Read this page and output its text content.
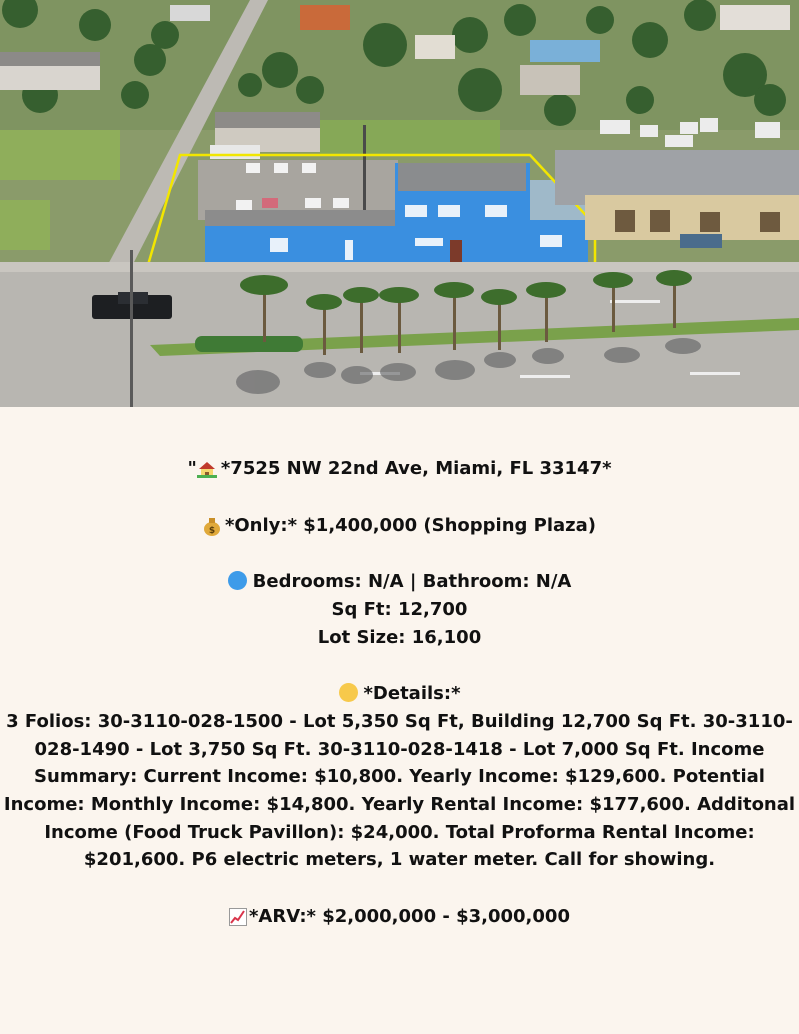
" *7525 NW 22nd Ave, Miami, FL 33147*
$ *Only:* $1,400,000 (Shopping Plaza)
Bedrooms: N/A | Bathroom: N/A
Sq Ft: 12,700
Lot Size: 16,100
*Details:*
3 Folios: 30-3110-028-1500 - Lot 5,350 Sq Ft, Building 12,700 Sq Ft. 30-3110-
028-1490 - Lot 3,750 Sq Ft. 30-3110-028-1418 - Lot 7,000 Sq Ft. Income
Summary: Current Income: $10,800. Yearly Income: $129,600. Potential
Income: Monthly Income: $14,800. Yearly Rental Income: $177,600. Additonal
Income (Food Truck Pavillon): $24,000. Total Proforma Rental Income:
$201,600. P6 electric meters, 1 water meter. Call for showing.
*ARV:* $2,000,000 - $3,000,000
